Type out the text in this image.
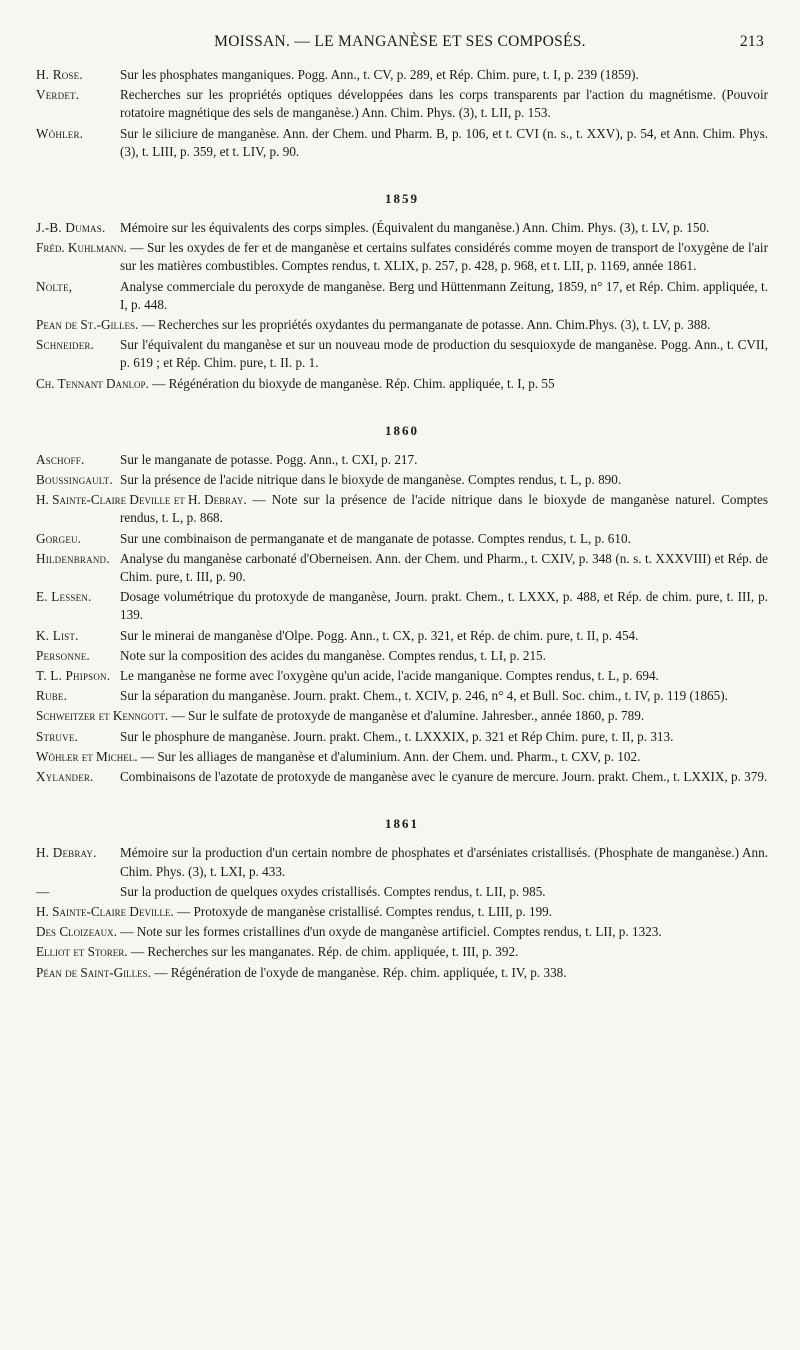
MOISSAN. — LE MANGANÈSE ET SES COMPOSÉS.	213
H. Rose.	Sur les phosphates manganiques. Pogg. Ann., t. CV, p. 289, et Rép. Chim. pure, t. I, p. 239 (1859).
Verdet.	Recherches sur les propriétés optiques développées dans les corps transparents par l'action du magnétisme. (Pouvoir rotatoire magnétique des sels de manganèse.) Ann. Chim. Phys. (3), t. LII, p. 153.
Wöhler.	Sur le siliciure de manganèse. Ann. der Chem. und Pharm. B, p. 106, et t. CVI (n. s., t. XXV), p. 54, et Ann. Chim. Phys. (3), t. LIII, p. 359, et t. LIV, p. 90.
1859
J.-B. Dumas.	Mémoire sur les équivalents des corps simples. (Équivalent du manganèse.) Ann. Chim. Phys. (3), t. LV, p. 150.
Fréd. Kuhlmann. — Sur les oxydes de fer et de manganèse et certains sulfates considérés comme moyen de transport de l'oxygène de l'air sur les matières combustibles. Comptes rendus, t. XLIX, p. 257, p. 428, p. 968, et t. LII, p. 1169, année 1861.
Nolte,	Analyse commerciale du peroxyde de manganèse. Berg und Hüttenmann Zeitung, 1859, n° 17, et Rép. Chim. appliquée, t. I, p. 448.
Pean de St.-Gilles. — Recherches sur les propriétés oxydantes du permanganate de potasse. Ann. Chim.Phys. (3), t. LV, p. 388.
Schneider.	Sur l'équivalent du manganèse et sur un nouveau mode de production du sesquioxyde de manganèse. Pogg. Ann., t. CVII, p. 619 ; et Rép. Chim. pure, t. II. p. 1.
Ch. Tennant Danlop. — Régénération du bioxyde de manganèse. Rép. Chim. appliquée, t. I, p. 55
1860
Aschoff.	Sur le manganate de potasse. Pogg. Ann., t. CXI, p. 217.
Boussingault. Sur la présence de l'acide nitrique dans le bioxyde de manganèse. Comptes rendus, t. L, p. 890.
H. Sainte-Claire Deville et H. Debray. — Note sur la présence de l'acide nitrique dans le bioxyde de manganèse naturel. Comptes rendus, t. L, p. 868.
Gorgeu.	Sur une combinaison de permanganate et de manganate de potasse. Comptes rendus, t. L, p. 610.
Hildenbrand. Analyse du manganèse carbonaté d'Oberneisen. Ann. der Chem. und Pharm., t. CXIV, p. 348 (n. s. t. XXXVIII) et Rép. de Chim. pure, t. III, p. 90.
E. Lessen.	Dosage volumétrique du protoxyde de manganèse, Journ. prakt. Chem., t. LXXX, p. 488, et Rép. de chim. pure, t. III, p. 139.
K. List.	Sur le minerai de manganèse d'Olpe. Pogg. Ann., t. CX, p. 321, et Rép. de chim. pure, t. II, p. 454.
Personne.	Note sur la composition des acides du manganèse. Comptes rendus, t. LI, p. 215.
T. L. Phipson. Le manganèse ne forme avec l'oxygène qu'un acide, l'acide manganique. Comptes rendus, t. L, p. 694.
Rube.	Sur la séparation du manganèse. Journ. prakt. Chem., t. XCIV, p. 246, n° 4, et Bull. Soc. chim., t. IV, p. 119 (1865).
Schweitzer et Kenngott. — Sur le sulfate de protoxyde de manganèse et d'alumine. Jahresber., année 1860, p. 789.
Struve.	Sur le phosphure de manganèse. Journ. prakt. Chem., t. LXXXIX, p. 321 et Rép Chim. pure, t. II, p. 313.
Wöhler et Michel. — Sur les alliages de manganèse et d'aluminium. Ann. der Chem. und. Pharm., t. CXV, p. 102.
Xylander.	Combinaisons de l'azotate de protoxyde de manganèse avec le cyanure de mercure. Journ. prakt. Chem., t. LXXIX, p. 379.
1861
H. Debray.	Mémoire sur la production d'un certain nombre de phosphates et d'arséniates cristallisés. (Phosphate de manganèse.) Ann. Chim. Phys. (3), t. LXI, p. 433.
—	Sur la production de quelques oxydes cristallisés. Comptes rendus, t. LII, p. 985.
H. Sainte-Claire Deville. — Protoxyde de manganèse cristallisé. Comptes rendus, t. LIII, p. 199.
Des Cloizeaux. — Note sur les formes cristallines d'un oxyde de manganèse artificiel. Comptes rendus, t. LII, p. 1323.
Elliot et Storer. — Recherches sur les manganates. Rép. de chim. appliquée, t. III, p. 392.
Péan de Saint-Gilles. — Régénération de l'oxyde de manganèse. Rép. chim. appliquée, t. IV, p. 338.
